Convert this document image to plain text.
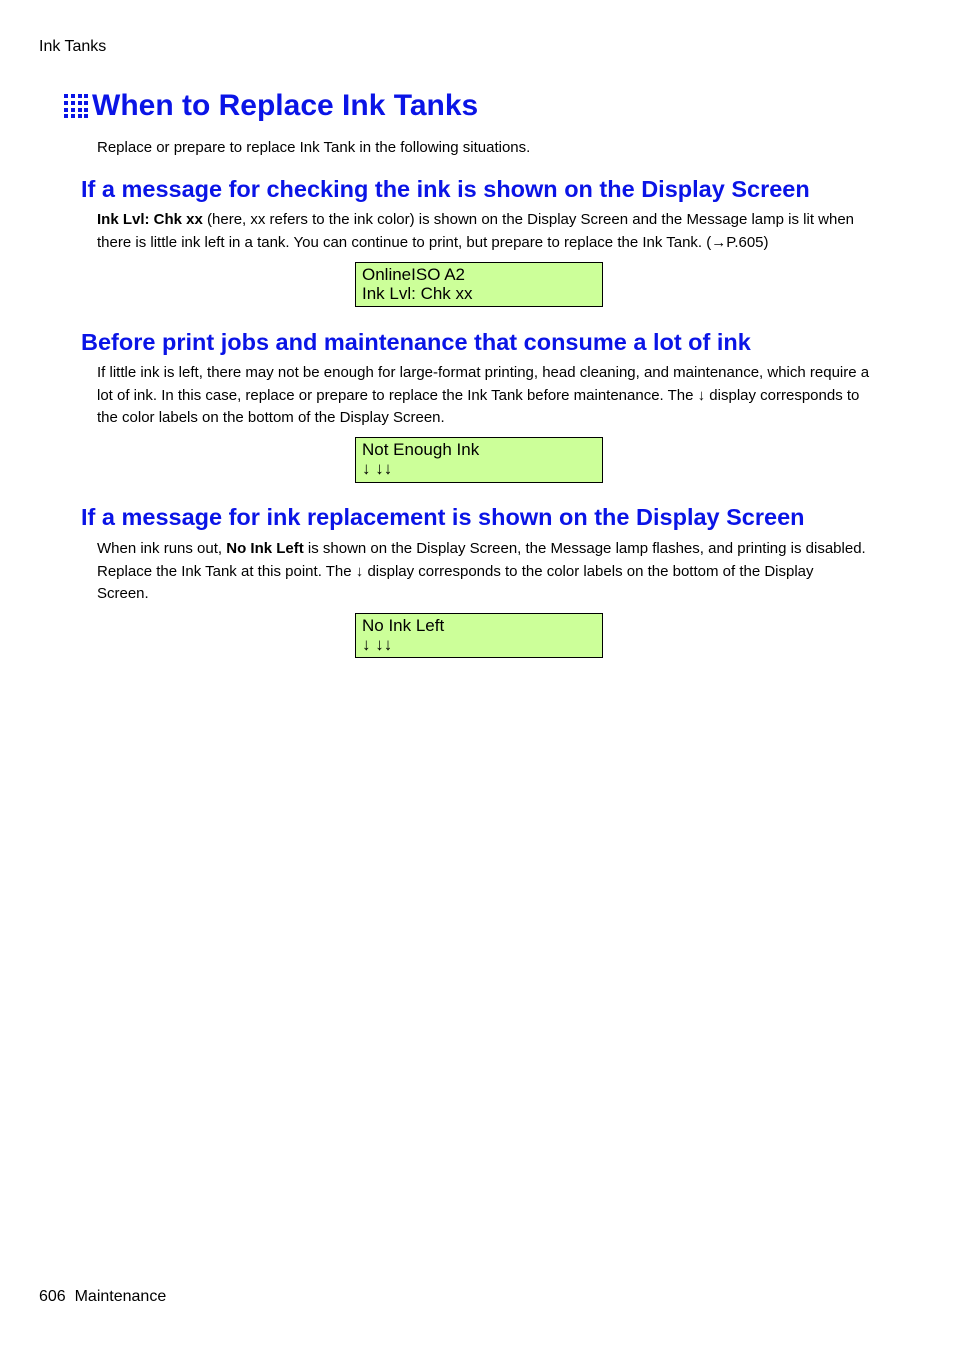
Ink Tanks
When to Replace Ink Tanks
Replace or prepare to replace Ink Tank in the following situations.
If a message for checking the ink is shown on the Display Screen
Ink Lvl: Chk xx (here, xx refers to the ink color) is shown on the Display Screen and the Message lamp is lit when there is little ink left in a tank. You can continue to print, but prepare to replace the Ink Tank. (→P.605)
OnlineISO A2
Ink Lvl: Chk xx
Before print jobs and maintenance that consume a lot of ink
If little ink is left, there may not be enough for large-format printing, head cleaning, and maintenance, which require a lot of ink. In this case, replace or prepare to replace the Ink Tank before maintenance. The ↓ display corresponds to the color labels on the bottom of the Display Screen.
Not Enough Ink
↓ ↓↓
If a message for ink replacement is shown on the Display Screen
When ink runs out, No Ink Left is shown on the Display Screen, the Message lamp flashes, and printing is disabled. Replace the Ink Tank at this point. The ↓ display corresponds to the color labels on the bottom of the Display Screen.
No Ink Left
↓ ↓↓
606 Maintenance
